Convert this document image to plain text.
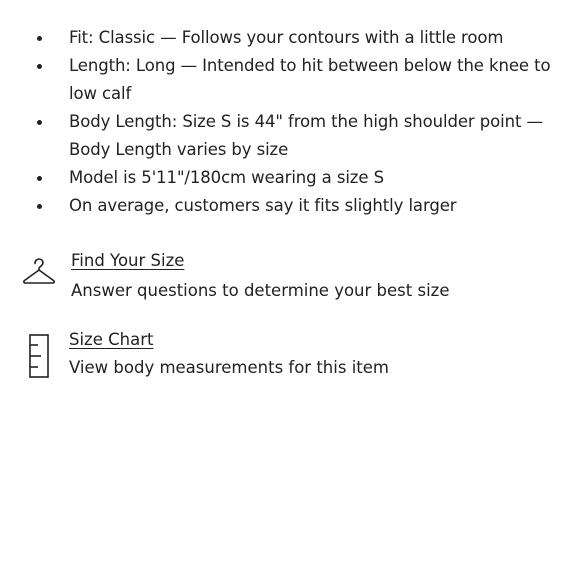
Fit: Classic — Follows your contours with a little room
Length: Long — Intended to hit between below the knee to low calf
Body Length: Size S is 44" from the high shoulder point — Body Length varies by size
Model is 5'11"/180cm wearing a size S
On average, customers say it fits slightly larger
Find Your Size
Answer questions to determine your best size
Size Chart
View body measurements for this item
